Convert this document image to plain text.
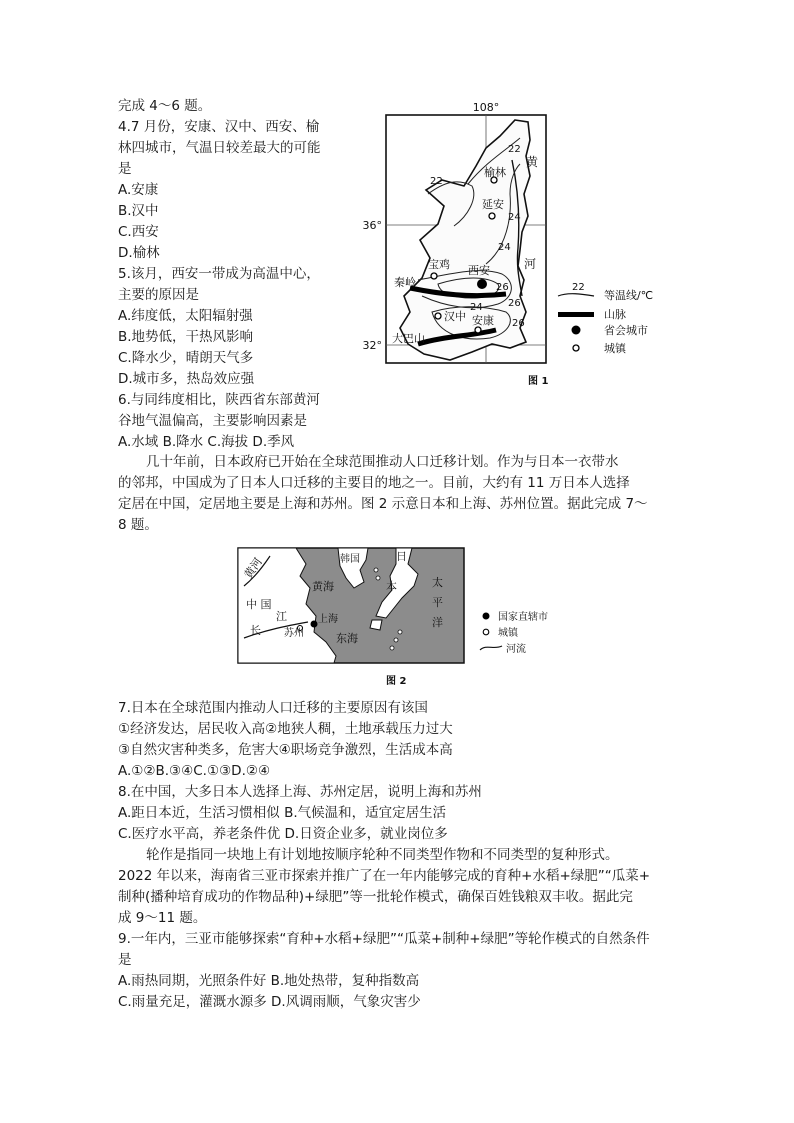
完成 4～6 题。
4.7 月份，安康、汉中、西安、榆
林四城市，气温日较差最大的可能
是
A.安康
B.汉中
C.西安
D.榆林
5.该月，西安一带成为高温中心，
主要的原因是
A.纬度低，太阳辐射强
B.地势低，干热风影响
C.降水少，晴朗天气多
D.城市多，热岛效应强
6.与同纬度相比，陕西省东部黄河
谷地气温偏高，主要影响因素是
A.水域 B.降水 C.海拔 D.季风

108°
36°
32°
22
22
24
24
26
26
24
26
榆林
延安
西安
宝鸡
秦岭
汉中 安康
大巴山
黄
河
22
等温线/℃
山脉
省会城市
城镇
图 1
几十年前，日本政府已开始在全球范围推动人口迁移计划。作为与日本一衣带水
的邻邦，中国成为了日本人口迁移的主要目的地之一。目前，大约有 11 万日本人选择
定居在中国，定居地主要是上海和苏州。图 2 示意日本和上海、苏州位置。据此完成 7～
8 题。
黄河	韩国	日
本
黄海	太
平
洋
中 国
江
长
上海
苏州	东海
国家直辖市
城镇
河流
图 2
7.日本在全球范围内推动人口迁移的主要原因有该国
①经济发达，居民收入高②地狭人稠，土地承载压力过大
③自然灾害种类多，危害大④职场竞争激烈，生活成本高
A.①②B.③④C.①③D.②④
8.在中国，大多日本人选择上海、苏州定居，说明上海和苏州
A.距日本近，生活习惯相似 B.气候温和，适宜定居生活
C.医疗水平高，养老条件优 D.日资企业多，就业岗位多
轮作是指同一块地上有计划地按顺序轮种不同类型作物和不同类型的复种形式。
2022 年以来，海南省三亚市探索并推广了在一年内能够完成的育种+水稻+绿肥”“瓜菜+
制种(播种培育成功的作物品种)+绿肥”等一批轮作模式，确保百姓钱粮双丰收。据此完
成 9～11 题。
9.一年内，三亚市能够探索“育种+水稻+绿肥”“瓜菜+制种+绿肥”等轮作模式的自然条件
是
A.雨热同期，光照条件好 B.地处热带，复种指数高
C.雨量充足，灌溉水源多 D.风调雨顺，气象灾害少
